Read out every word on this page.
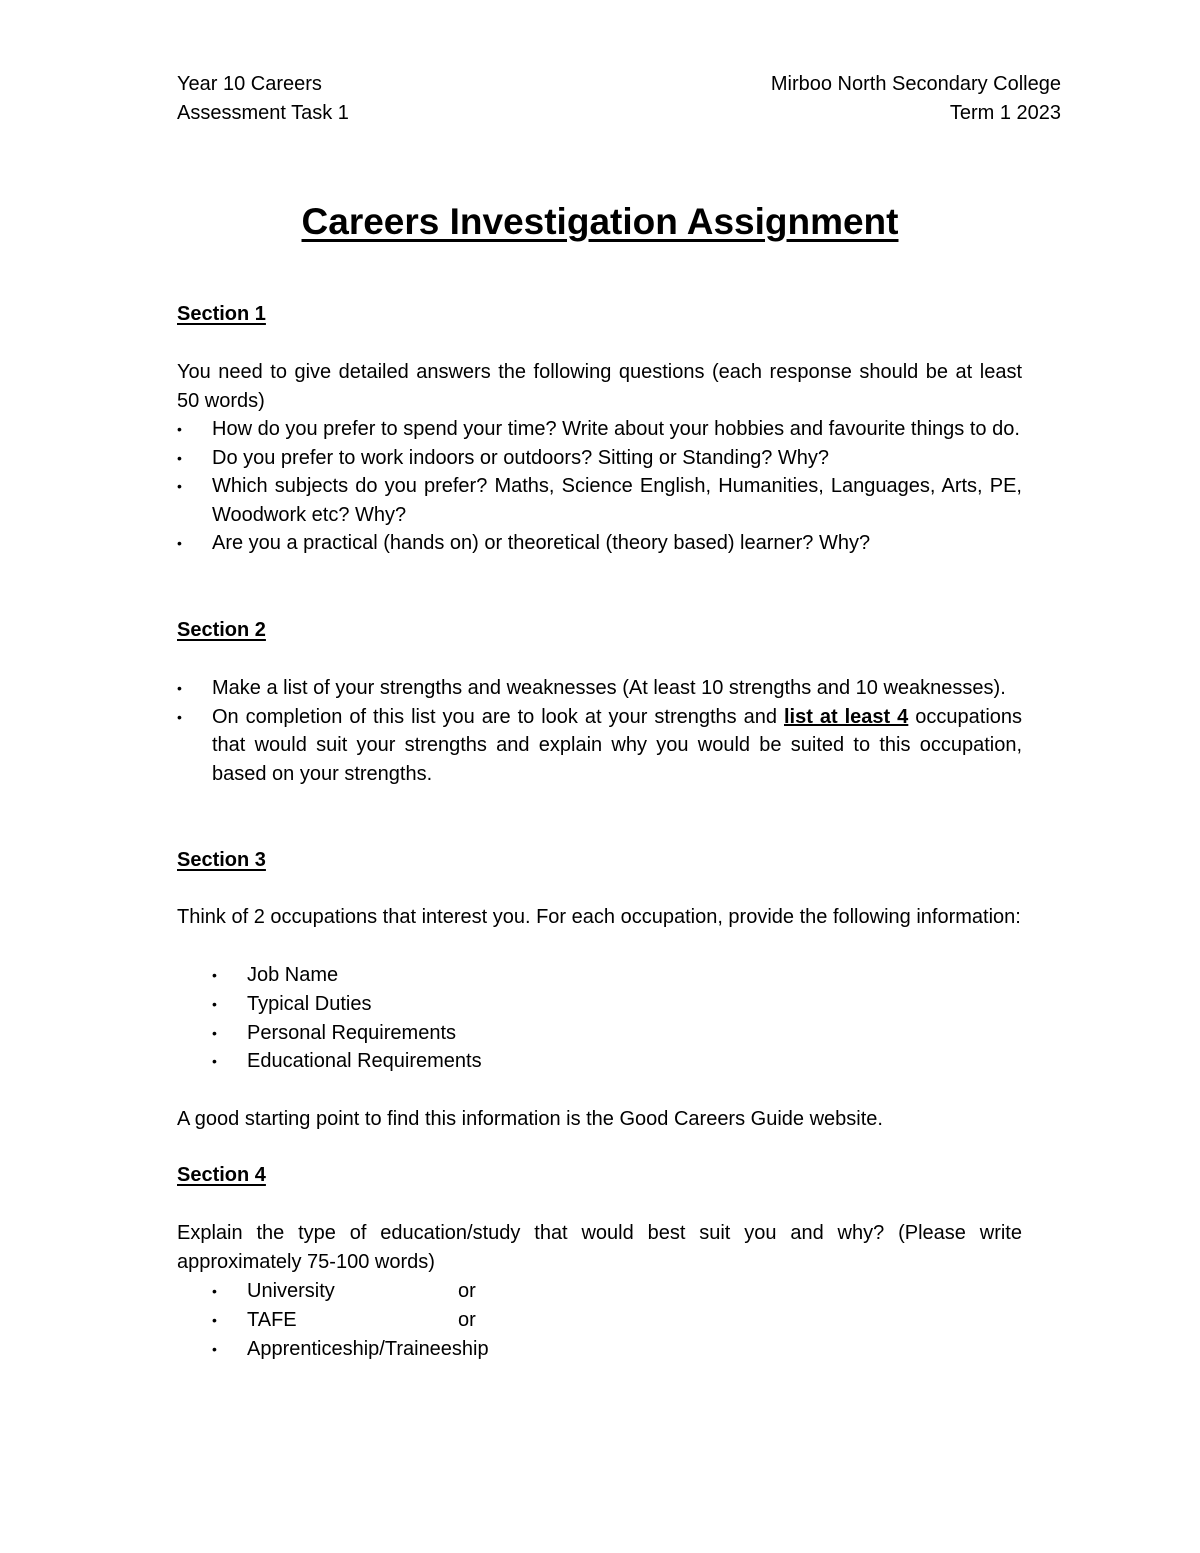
Year 10 Careers
Assessment Task 1
Mirboo North Secondary College
Term 1 2023
Careers Investigation Assignment
Section 1
You need to give detailed answers the following questions (each response should be at least 50 words)
• How do you prefer to spend your time? Write about your hobbies and favourite things to do.
• Do you prefer to work indoors or outdoors? Sitting or Standing? Why?
• Which subjects do you prefer? Maths, Science English, Humanities, Languages, Arts, PE, Woodwork etc? Why?
• Are you a practical (hands on) or theoretical (theory based) learner? Why?
Section 2
• Make a list of your strengths and weaknesses (At least 10 strengths and 10 weaknesses).
• On completion of this list you are to look at your strengths and list at least 4 occupations that would suit your strengths and explain why you would be suited to this occupation, based on your strengths.
Section 3
Think of 2 occupations that interest you. For each occupation, provide the following information:
• Job Name
• Typical Duties
• Personal Requirements
• Educational Requirements
A good starting point to find this information is the Good Careers Guide website.
Section 4
Explain the type of education/study that would best suit you and why? (Please write approximately 75-100 words)
• University	or
• TAFE	or
• Apprenticeship/Traineeship
